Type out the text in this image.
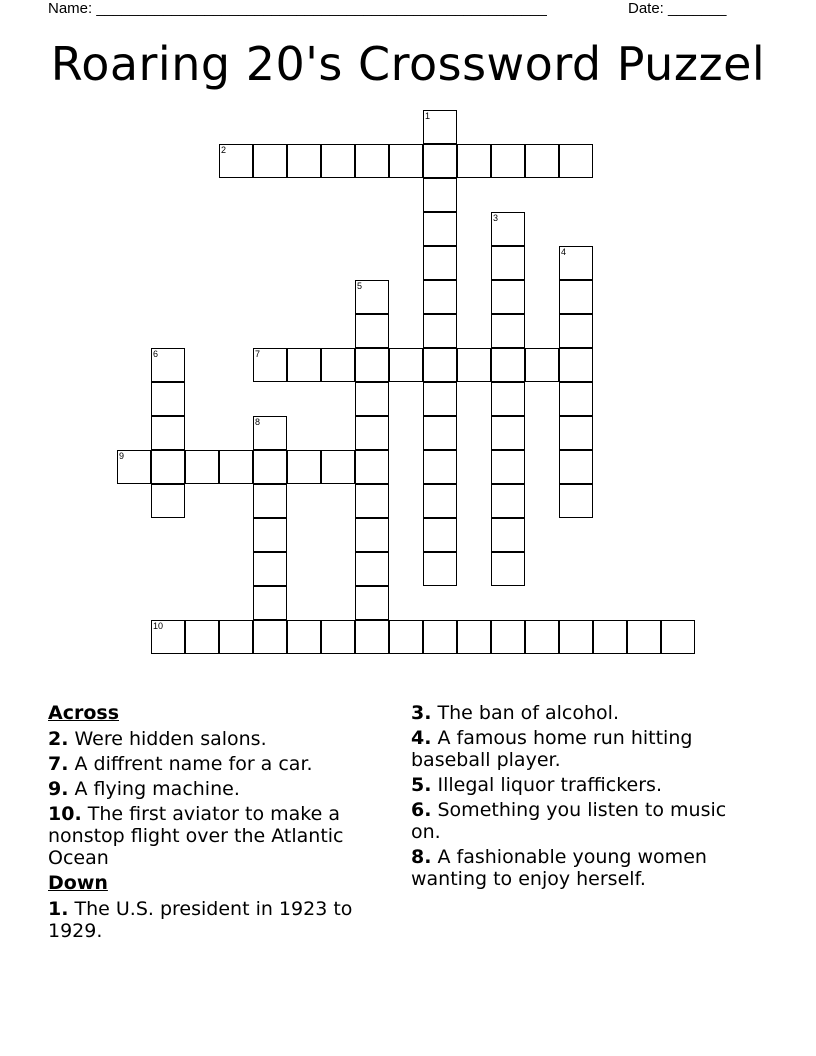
Name: ______________________________________________________	Date: _______
Roaring 20's Crossword Puzzel
1
2
3
4
5
6	7
8
9
10
Across
2. Were hidden salons.
7. A diffrent name for a car.
9. A flying machine.
10. The first aviator to make a nonstop flight over the Atlantic Ocean
Down
1. The U.S. president in 1923 to 1929.
3. The ban of alcohol.
4. A famous home run hitting baseball player.
5. Illegal liquor traffickers.
6. Something you listen to music on.
8. A fashionable young women wanting to enjoy herself.
